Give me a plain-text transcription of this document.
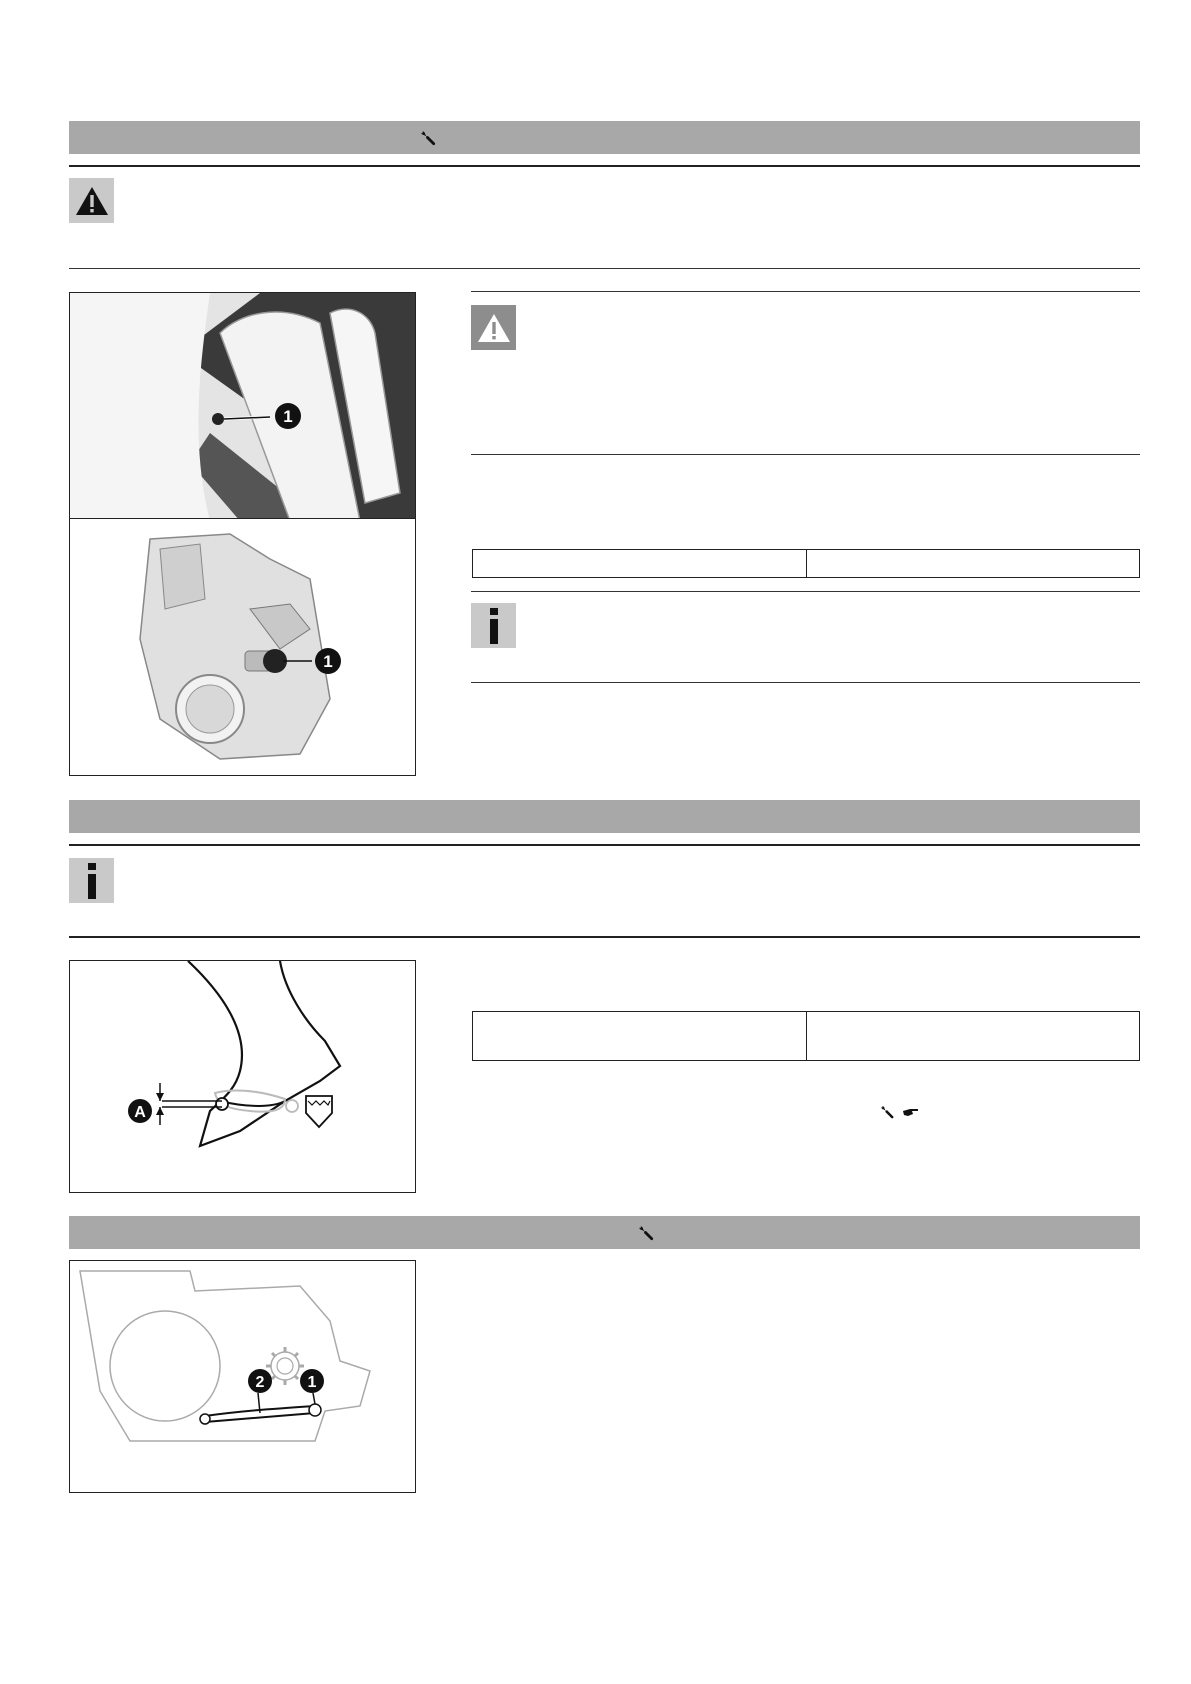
1
1

A

2	1
